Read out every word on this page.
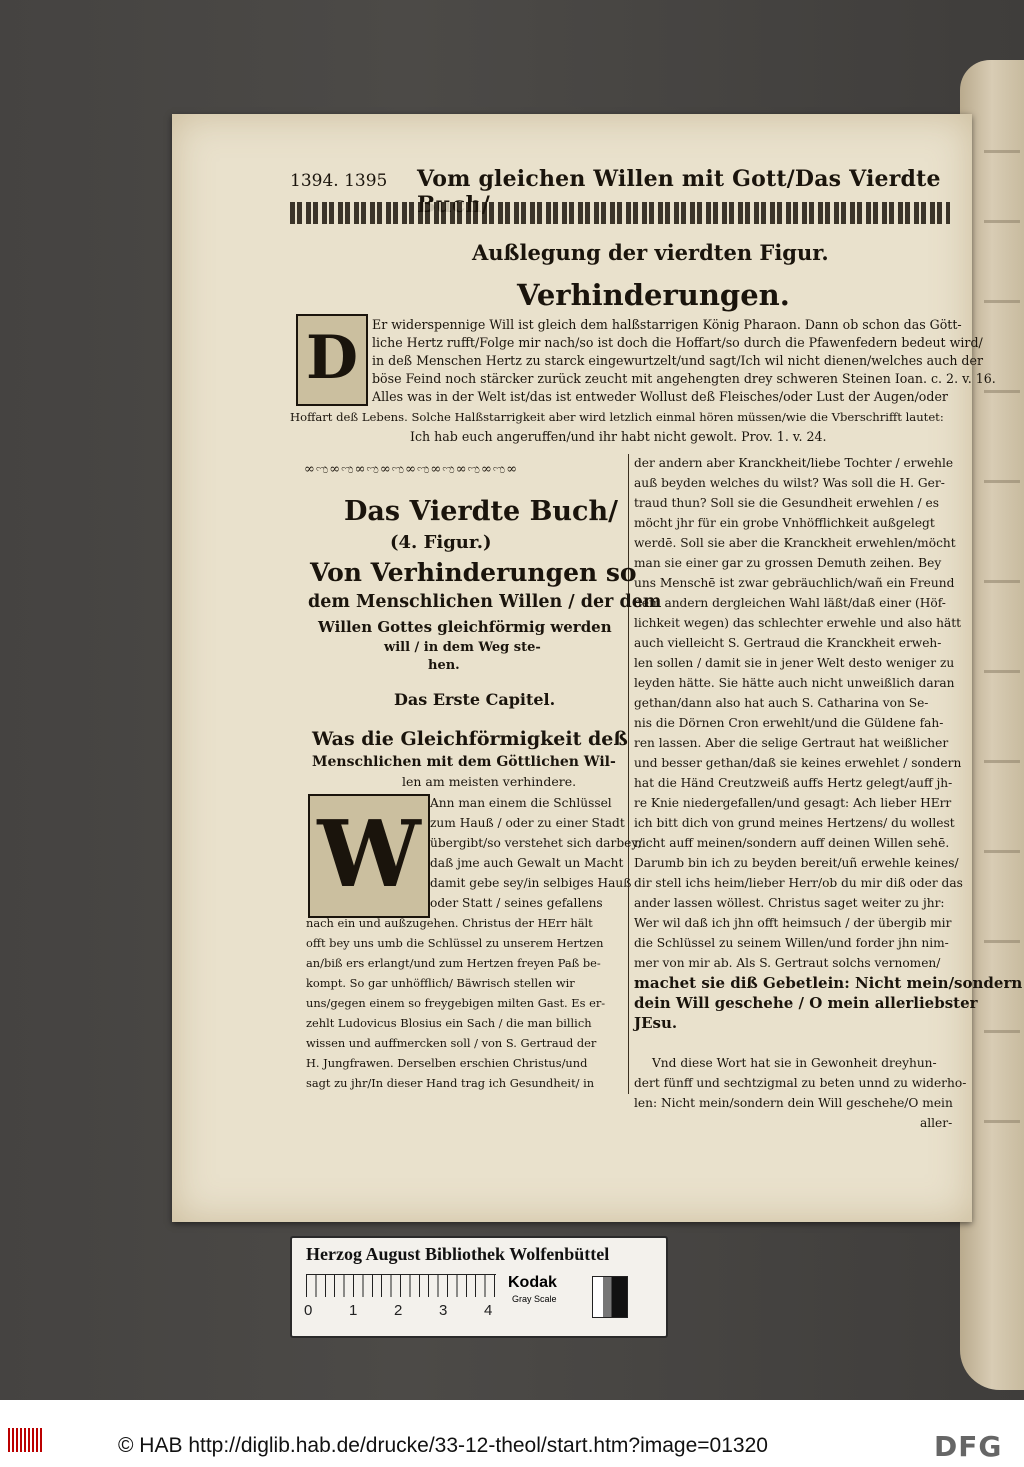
1394. 1395 Vom gleichen Willen mit Gott/Das Vierdte
Außlegung der vierdten Figur.
Verhinderungen.
D	Er widerspennige Will ist gleich dem halßstarrigen König Pharaon. Dann ob schon das Gött-
liche Hertz rufft/Folge mir nach/so ist doch die Hoffart/so durch die Pfawenfedern bedeut wird/
in deß Menschen Hertz zu starck eingewurtzelt/und sagt/Ich wil nicht dienen/welches auch der
böse Feind noch stärcker zurück zeucht mit angehengten drey schweren Steinen Ioan. c. 2. v. 16.
Alles was in der Welt ist/das ist entweder Wollust deß Fleisches/oder Lust der Augen/oder
Hoffart deß Lebens. Solche Halßstarrigkeit aber wird letzlich einmal hören müssen/wie die Vberschrifft lautet:
Ich hab euch angeruffen/und ihr habt nicht gewolt. Prov. 1. v. 24.
∞ಌ∞ಌ∞ಌ∞ಌ∞ಌ∞ಌ∞ಌ∞ಌ∞
Das Vierdte Buch/
(4. Figur.)
Von Verhinderungen so
dem Menschlichen Willen / der dem
Willen Gottes gleichförmig werden
will / in dem Weg ste-
hen.
Das Erste Capitel.
Was die Gleichförmigkeit deß
Menschlichen mit dem Göttlichen Wil-
len am meisten verhindere.
W Ann man einem die Schlüssel
zum Hauß / oder zu einer Stadt
übergibt/so verstehet sich darbey/
daß jme auch Gewalt un Macht
damit gebe sey/in selbiges Hauß
oder Statt / seines gefallens
nach ein und außzugehen. Christus der HErr hält
offt bey uns umb die Schlüssel zu unserem Hertzen
an/biß ers erlangt/und zum Hertzen freyen Paß be-
kompt. So gar unhöfflich/ Bäwrisch stellen wir
uns/gegen einem so freygebigen milten Gast. Es er-
zehlt Ludovicus Blosius ein Sach / die man billich
wissen und auffmercken soll / von S. Gertraud der
H. Jungfrawen. Derselben erschien Christus/und
sagt zu jhr/In dieser Hand trag ich Gesundheit/ in
der andern aber Kranckheit/liebe Tochter / erwehle
auß beyden welches du wilst? Was soll die H. Ger-
traud thun? Soll sie die Gesundheit erwehlen / es
möcht jhr für ein grobe Vnhöfflichkeit außgelegt
werdē. Soll sie aber die Kranckheit erwehlen/möcht
man sie einer gar zu grossen Demuth zeihen. Bey
uns Menschē ist zwar gebräuchlich/wañ ein Freund
dem andern dergleichen Wahl läßt/daß einer (Höf-
lichkeit wegen) das schlechter erwehle und also hätt
auch vielleicht S. Gertraud die Kranckheit erweh-
len sollen / damit sie in jener Welt desto weniger zu
leyden hätte. Sie hätte auch nicht unweißlich daran
gethan/dann also hat auch S. Catharina von Se-
nis die Dörnen Cron erwehlt/und die Güldene fah-
ren lassen. Aber die selige Gertraut hat weißlicher
und besser gethan/daß sie keines erwehlet / sondern
hat die Händ Creutzweiß auffs Hertz gelegt/auff jh-
re Knie niedergefallen/und gesagt: Ach lieber HErr
ich bitt dich von grund meines Hertzens/ du wollest
nicht auff meinen/sondern auff deinen Willen sehē.
Darumb bin ich zu beyden bereit/uñ erwehle keines/
dir stell ichs heim/lieber Herr/ob du mir diß oder das
ander lassen wöllest. Christus saget weiter zu jhr:
Wer wil daß ich jhn offt heimsuch / der übergib mir
die Schlüssel zu seinem Willen/und forder jhn nim-
mer von mir ab. Als S. Gertraut solchs vernomen/
machet sie diß Gebetlein: Nicht mein/sondern
dein Will geschehe / O mein allerliebster
JEsu.
Vnd diese Wort hat sie in Gewonheit dreyhun-
dert fünff und sechtzigmal zu beten unnd zu widerho-
len: Nicht mein/sondern dein Will geschehe/O mein
aller-
Herzog August Bibliothek Wolfenbüttel
0 1 2 3 4
Kodak
Gray Scale
© HAB http://diglib.hab.de/drucke/33-12-theol/start.htm?image=01320	DFG
